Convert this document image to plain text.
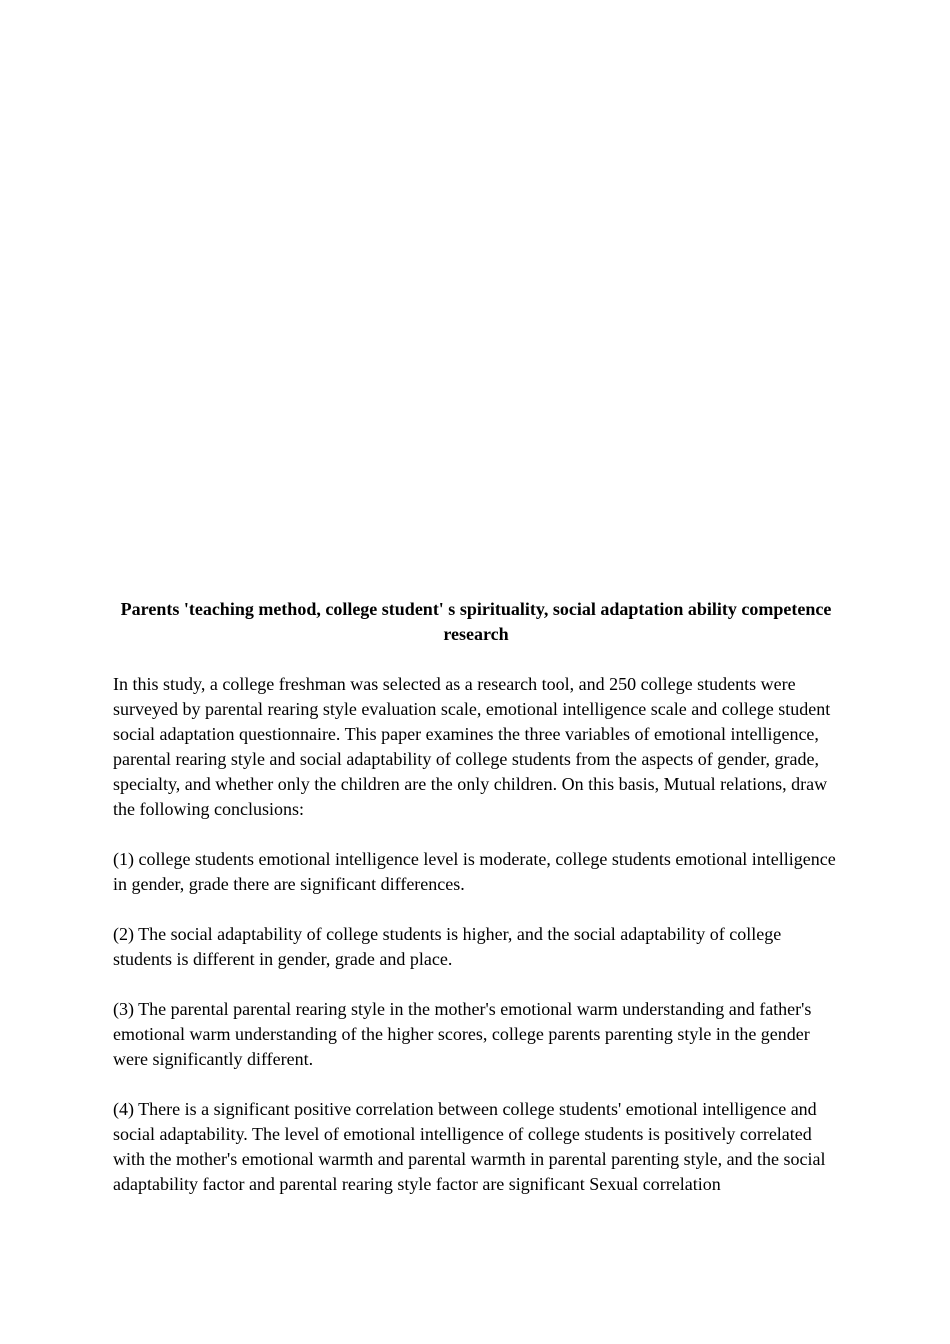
Parents 'teaching method, college student' s spirituality, social adaptation ability competence research

In this study, a college freshman was selected as a research tool, and 250 college students were surveyed by parental rearing style evaluation scale, emotional intelligence scale and college student social adaptation questionnaire. This paper examines the three variables of emotional intelligence, parental rearing style and social adaptability of college students from the aspects of gender, grade, specialty, and whether only the children are the only children. On this basis, Mutual relations, draw the following conclusions:

(1) college students emotional intelligence level is moderate, college students emotional intelligence in gender, grade there are significant differences.

(2) The social adaptability of college students is higher, and the social adaptability of college students is different in gender, grade and place.

(3) The parental parental rearing style in the mother's emotional warm understanding and father's emotional warm understanding of the higher scores, college parents parenting style in the gender were significantly different.

(4) There is a significant positive correlation between college students' emotional intelligence and social adaptability. The level of emotional intelligence of college students is positively correlated with the mother's emotional warmth and parental warmth in parental parenting style, and the social adaptability factor and parental rearing style factor are significant Sexual correlation
